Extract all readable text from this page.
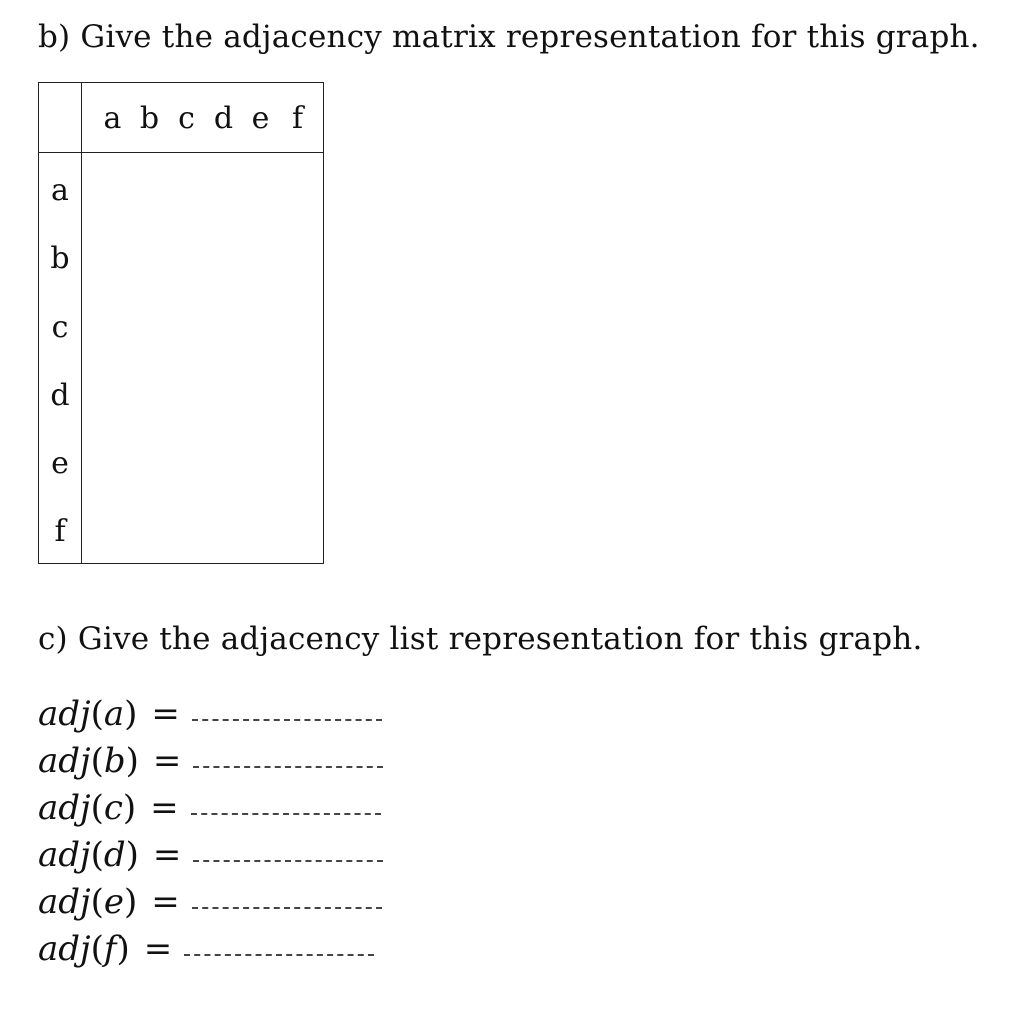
b) Give the adjacency matrix representation for this graph.
a b c d e f
a
b
c
d
e
f
c) Give the adjacency list representation for this graph.
adj(a) =
adj(b) =
adj(c) =
adj(d) =
adj(e) =
adj(f) =
